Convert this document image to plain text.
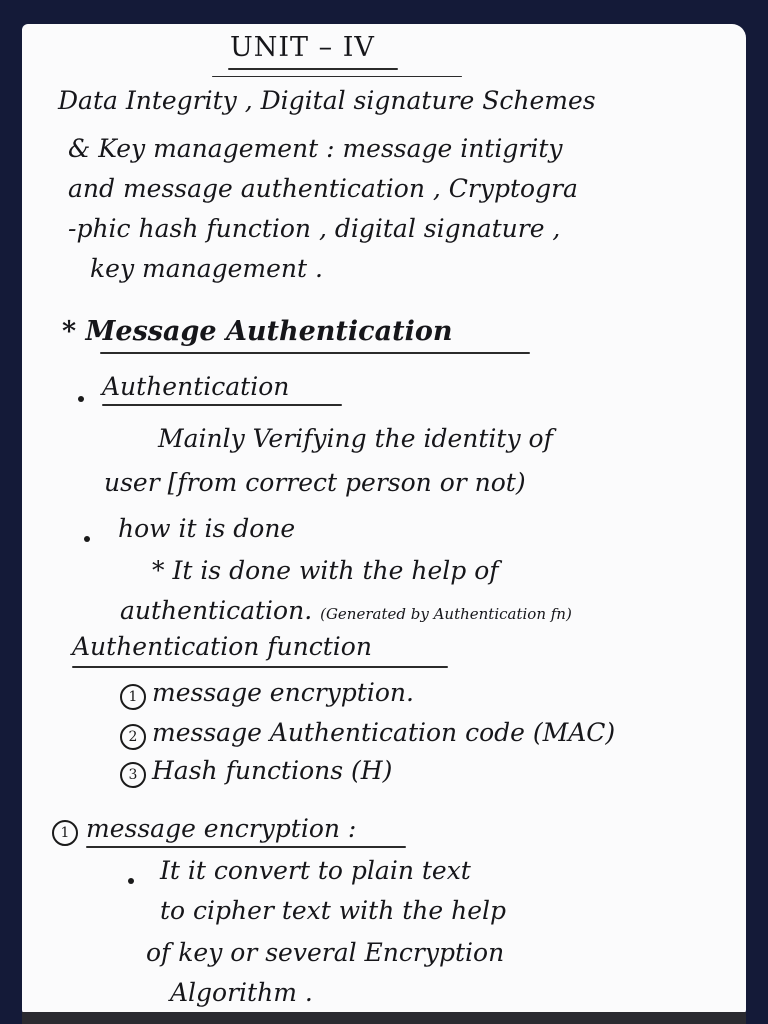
UNIT – IV
Data Integrity , Digital signature Schemes
& Key management : message intigrity
and message authentication , Cryptogra
-phic hash function , digital signature ,
key management .
* Message Authentication
Authentication
Mainly Verifying the identity of
user [from correct person or not)
how it is done
* It is done with the help of
authentication. (Generated by Authentication fn)
Authentication function
1 message encryption.
2 message Authentication code (MAC)
3 Hash functions (H)
1 message encryption :
It it convert to plain text
to cipher text with the help
of key or several Encryption
Algorithm .
